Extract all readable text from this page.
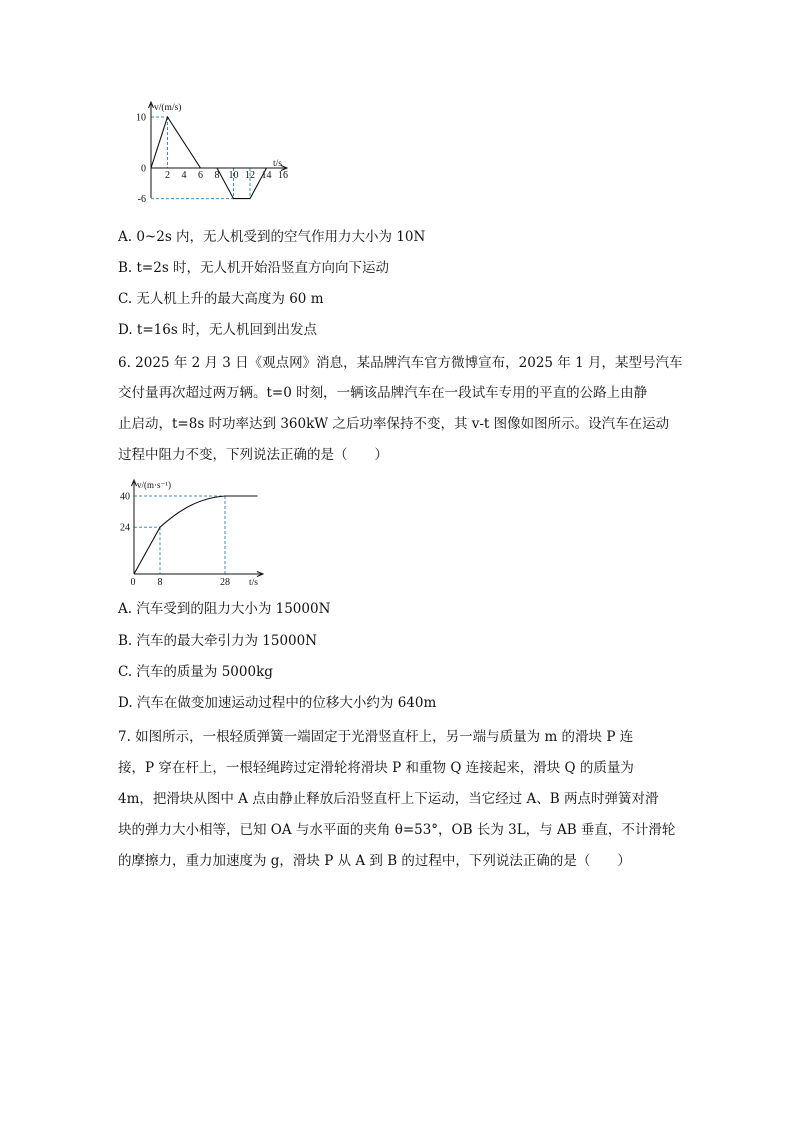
v/(m/s)
t/s
10
0
-6
2 4 6 8 10 12 14 16
A. 0~2s 内，无人机受到的空气作用力大小为 10N
B. t=2s 时，无人机开始沿竖直方向向下运动
C. 无人机上升的最大高度为 60 m
D. t=16s 时，无人机回到出发点
6. 2025 年 2 月 3 日《观点网》消息，某品牌汽车官方微博宣布，2025 年 1 月，某型号汽车
交付量再次超过两万辆。t=0 时刻，一辆该品牌汽车在一段试车专用的平直的公路上由静
止启动，t=8s 时功率达到 360kW 之后功率保持不变，其 v-t 图像如图所示。设汽车在运动
过程中阻力不变，下列说法正确的是（　　）
v/(m·s⁻¹)
t/s
40
24
0 8	28
A. 汽车受到的阻力大小为 15000N
B. 汽车的最大牵引力为 15000N
C. 汽车的质量为 5000kg
D. 汽车在做变加速运动过程中的位移大小约为 640m
7. 如图所示，一根轻质弹簧一端固定于光滑竖直杆上，另一端与质量为 m 的滑块 P 连
接，P 穿在杆上，一根轻绳跨过定滑轮将滑块 P 和重物 Q 连接起来，滑块 Q 的质量为
4m，把滑块从图中 A 点由静止释放后沿竖直杆上下运动，当它经过 A、B 两点时弹簧对滑
块的弹力大小相等，已知 OA 与水平面的夹角 θ=53°，OB 长为 3L，与 AB 垂直，不计滑轮
的摩擦力，重力加速度为 g，滑块 P 从 A 到 B 的过程中，下列说法正确的是（　　）
